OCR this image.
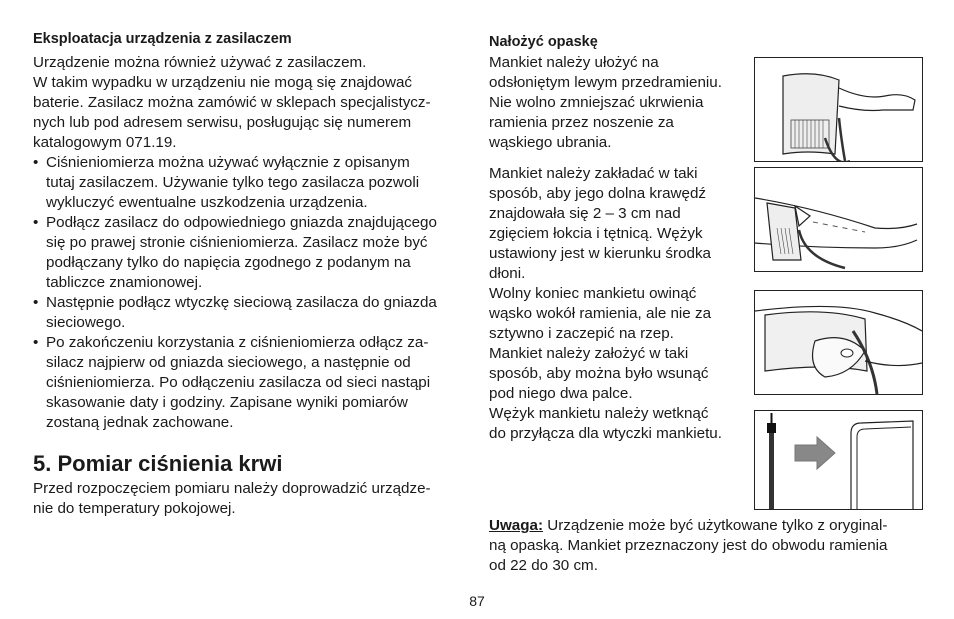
Eksploatacja urządzenia z zasilaczem
Urządzenie można również używać z zasilaczem.
W takim wypadku w urządzeniu nie mogą się znajdować
baterie. Zasilacz można zamówić w sklepach specjalistycz-
nych lub pod adresem serwisu, posługując się numerem
katalogowym 071.19.
• Ciśnieniomierza można używać wyłącznie z opisanym
tutaj zasilaczem. Używanie tylko tego zasilacza pozwoli
wykluczyć ewentualne uszkodzenia urządzenia.
• Podłącz zasilacz do odpowiedniego gniazda znajdującego
się po prawej stronie ciśnieniomierza. Zasilacz może być
podłączany tylko do napięcia zgodnego z podanym na
tabliczce znamionowej.
• Następnie podłącz wtyczkę sieciową zasilacza do gniazda
sieciowego.
• Po zakończeniu korzystania z ciśnieniomierza odłącz za-
silacz najpierw od gniazda sieciowego, a następnie od
ciśnieniomierza. Po odłączeniu zasilacza od sieci nastąpi
skasowanie daty i godziny. Zapisane wyniki pomiarów
zostaną jednak zachowane.
5. Pomiar ciśnienia krwi
Przed rozpoczęciem pomiaru należy doprowadzić urządze-
nie do temperatury pokojowej.
Nałożyć opaskę
Mankiet należy ułożyć na
odsłoniętym lewym przedramieniu.
Nie wolno zmniejszać ukrwienia
ramienia przez noszenie za
wąskiego ubrania.
Mankiet należy zakładać w taki
sposób, aby jego dolna krawędź
znajdowała się 2 – 3 cm nad
zgięciem łokcia i tętnicą. Wężyk
ustawiony jest w kierunku środka
dłoni.
Wolny koniec mankietu owinąć
wąsko wokół ramienia, ale nie za
sztywno i zaczepić na rzep.
Mankiet należy założyć w taki
sposób, aby można było wsunąć
pod niego dwa palce.
Wężyk mankietu należy wetknąć
do przyłącza dla wtyczki mankietu.
Uwaga: Urządzenie może być użytkowane tylko z oryginal-
ną opaską. Mankiet przeznaczony jest do obwodu ramienia
od 22 do 30 cm.
87
